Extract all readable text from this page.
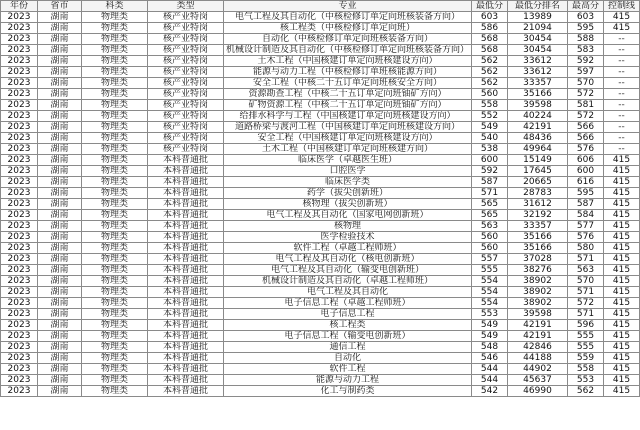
年份	省市	科类	类型	专业	最低分	最低分排名	最高分	控制线
2023	湖南	物理类	核产业特岗	电气工程及其自动化（中核检修订单定向班核装备方向）	603	13989	603	415
2023	湖南	物理类	核产业特岗	核工程类（中核检修订单定向班）	586	21094	595	415
2023	湖南	物理类	核产业特岗	自动化（中核检修订单定向班核装备方向）	568	30454	588	--
2023	湖南	物理类	核产业特岗	机械设计制造及其自动化（中核检修订单定向班核装备方向）	568	30454	583	--
2023	湖南	物理类	核产业特岗	土木工程（中国核建订单定向班核建设方向）	562	33612	592	--
2023	湖南	物理类	核产业特岗	能源与动力工程（中核检修订单班核能源方向）	562	33612	597	--
2023	湖南	物理类	核产业特岗	安全工程（中核二十五订单定向班核安全方向）	562	33357	570	--
2023	湖南	物理类	核产业特岗	资源勘查工程（中核二十五订单定向班铀矿方向）	560	35166	572	--
2023	湖南	物理类	核产业特岗	矿物资源工程（中核二十五订单定向班铀矿方向）	558	39598	581	--
2023	湖南	物理类	核产业特岗	给排水科学与工程（中国核建订单定向班核建设方向）	552	40224	572	--
2023	湖南	物理类	核产业特岗	道路桥梁与渡河工程（中国核建订单定向班核建设方向）	549	42191	566	--
2023	湖南	物理类	核产业特岗	安全工程（中国核建订单定向班核建设方向）	540	48436	566	--
2023	湖南	物理类	核产业特岗	土木工程（中国核建订单定向班核建方向）	538	49964	576	--
2023	湖南	物理类	本科普通批	临床医学（卓越医生班）	600	15149	606	415
2023	湖南	物理类	本科普通批	口腔医学	592	17645	600	415
2023	湖南	物理类	本科普通批	临床医学类	587	20665	616	415
2023	湖南	物理类	本科普通批	药学（拔尖创新班）	571	28783	595	415
2023	湖南	物理类	本科普通批	核物理（拔尖创新班）	565	31612	587	415
2023	湖南	物理类	本科普通批	电气工程及其自动化（国家电网创新班）	565	32192	584	415
2023	湖南	物理类	本科普通批	核物理	563	33357	577	415
2023	湖南	物理类	本科普通批	医学检验技术	560	35166	576	415
2023	湖南	物理类	本科普通批	软件工程（卓越工程师班）	560	35166	580	415
2023	湖南	物理类	本科普通批	电气工程及其自动化（核电创新班）	557	37028	571	415
2023	湖南	物理类	本科普通批	电气工程及其自动化（输变电创新班）	555	38276	563	415
2023	湖南	物理类	本科普通批	机械设计制造及其自动化（卓越工程师班）	554	38902	570	415
2023	湖南	物理类	本科普通批	电气工程及其自动化	554	38902	571	415
2023	湖南	物理类	本科普通批	电子信息工程（卓越工程师班）	554	38902	572	415
2023	湖南	物理类	本科普通批	电子信息工程	553	39598	571	415
2023	湖南	物理类	本科普通批	核工程类	549	42191	596	415
2023	湖南	物理类	本科普通批	电子信息工程（输变电创新班）	549	42191	555	415
2023	湖南	物理类	本科普通批	通信工程	548	42846	555	415
2023	湖南	物理类	本科普通批	自动化	546	44188	559	415
2023	湖南	物理类	本科普通批	软件工程	544	44902	558	415
2023	湖南	物理类	本科普通批	能源与动力工程	544	45637	553	415
2023	湖南	物理类	本科普通批	化工与制药类	542	46990	562	415
